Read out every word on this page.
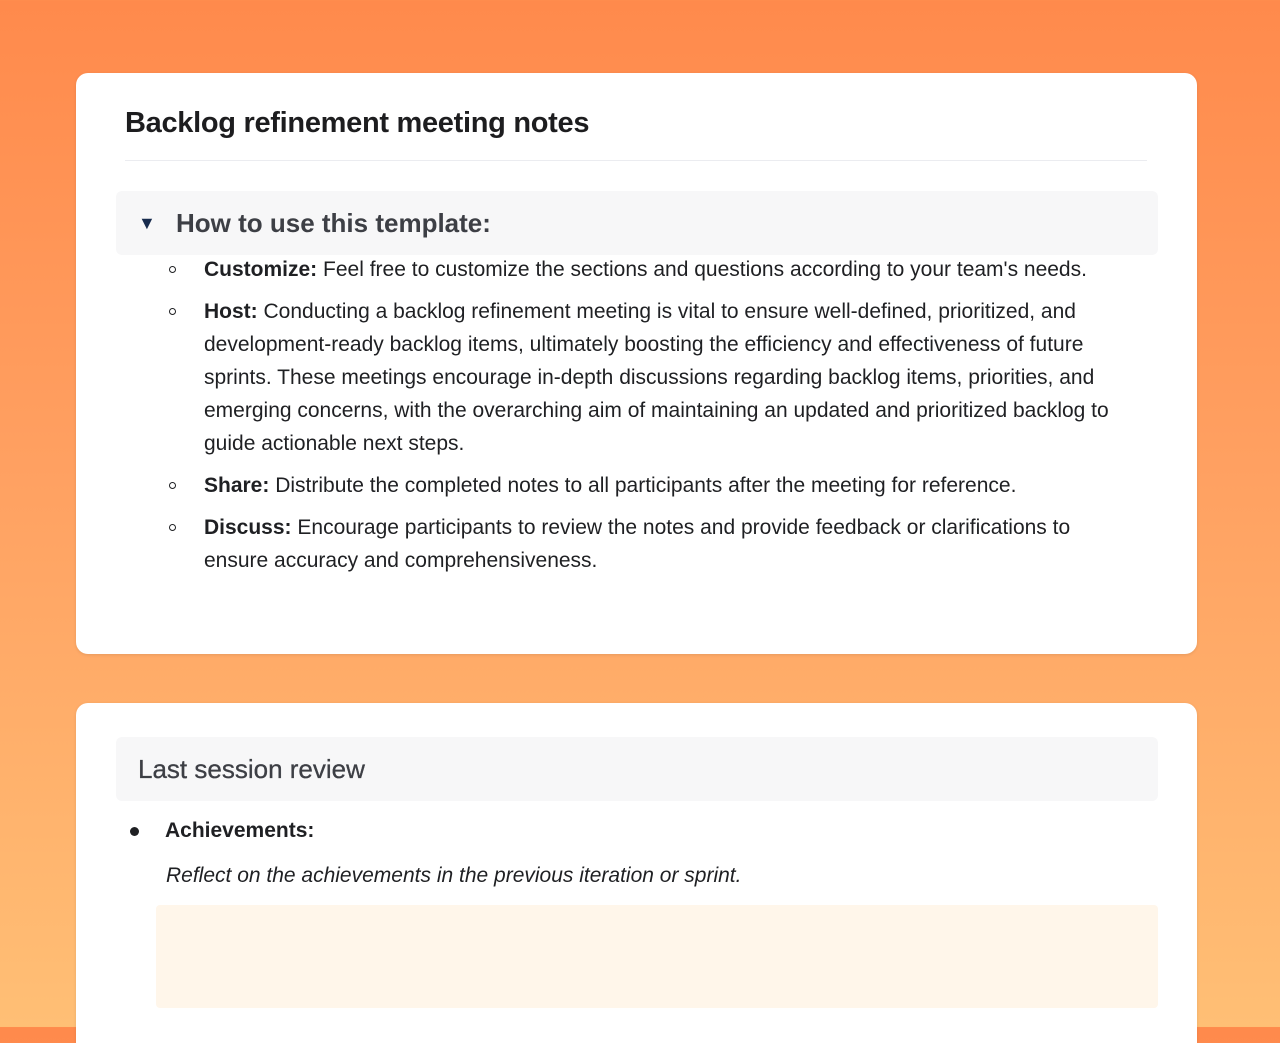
Backlog refinement meeting notes
▼ How to use this template:
Customize: Feel free to customize the sections and questions according to your team's needs.
Host: Conducting a backlog refinement meeting is vital to ensure well-defined, prioritized, and development-ready backlog items, ultimately boosting the efficiency and effectiveness of future sprints. These meetings encourage in-depth discussions regarding backlog items, priorities, and emerging concerns, with the overarching aim of maintaining an updated and prioritized backlog to guide actionable next steps.
Share: Distribute the completed notes to all participants after the meeting for reference.
Discuss: Encourage participants to review the notes and provide feedback or clarifications to ensure accuracy and comprehensiveness.
Last session review
Achievements:
Reflect on the achievements in the previous iteration or sprint.
